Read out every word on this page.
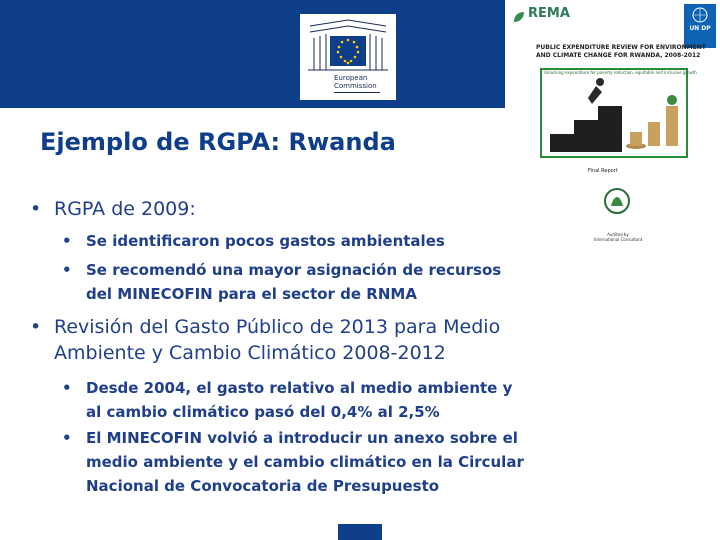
European
Commission
REMA
UN DP
PUBLIC EXPENDITURE REVIEW FOR ENVIRONMENT
AND CLIMATE CHANGE FOR RWANDA, 2008-2012
Unlocking expenditure for poverty reduction, equitable and inclusive growth
Final Report
Audited by
International Consultant
Ejemplo de RGPA: Rwanda
• RGPA de 2009:
• Se identificaron pocos gastos ambientales
• Se recomendó una mayor asignación de recursos
del MINECOFIN para el sector de RNMA
• Revisión del Gasto Público de 2013 para Medio
Ambiente y Cambio Climático 2008-2012
• Desde 2004, el gasto relativo al medio ambiente y
al cambio climático pasó del 0,4% al 2,5%
• El MINECOFIN volvió a introducir un anexo sobre el
medio ambiente y el cambio climático en la Circular
Nacional de Convocatoria de Presupuesto
